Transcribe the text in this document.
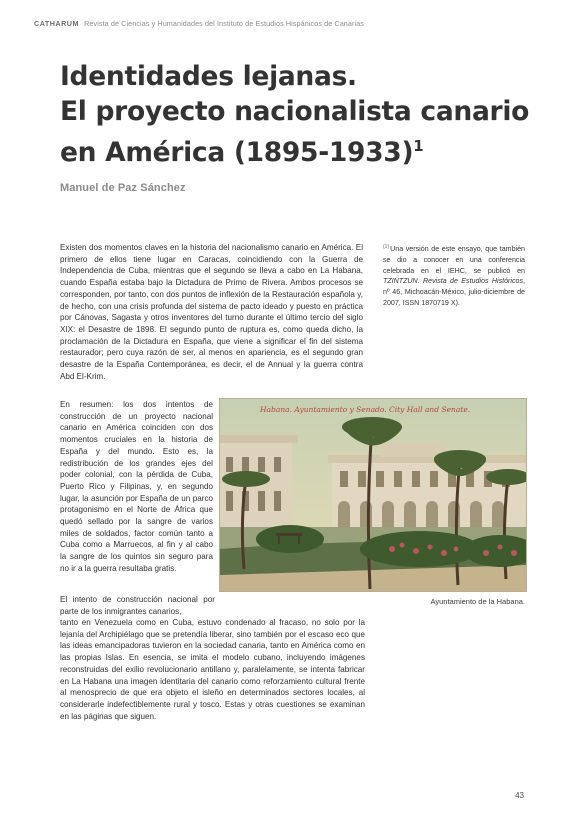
CATHARUM Revista de Ciencias y Humanidades del Instituto de Estudios Hispánicos de Canarias
Identidades lejanas.
El proyecto nacionalista canario
en América (1895-1933)$^1$
Manuel de Paz Sánchez

Existen dos momentos claves en la historia del nacionalismo canario en América. El primero de ellos tiene lugar en Caracas, coincidiendo con la Guerra de Independencia de Cuba, mientras que el segundo se lleva a cabo en La Habana, cuando España estaba bajo la Dictadura de Primo de Rivera. Ambos procesos se corresponden, por tanto, con dos puntos de inflexión de la Restauración española y, de hecho, con una crisis profunda del sistema de pacto ideado y puesto en práctica por Cánovas, Sagasta y otros inventores del turno durante el último tercio del siglo XIX: el Desastre de 1898. El segundo punto de ruptura es, como queda dicho, la proclamación de la Dictadura en España, que viene a significar el fin del sistema restaurador; pero cuya razón de ser, al menos en apariencia, es el segundo gran desastre de la España Contemporánea, es decir, el de Annual y la guerra contra Abd El-Krim.

$^{(1)}$Una versión de este ensayo, que también se dio a conocer en una conferencia celebrada en el IEHC, se publicó en TZINTZUN. Revista de Estudios Históricos, nº 46, Michoacán-México, julio-diciembre de 2007, ISSN 1870719 X).

En resumen: los dos intentos de construcción de un proyecto nacional canario en América coinciden con dos momentos cruciales en la historia de España y del mundo. Esto es, la redistribución de los grandes ejes del poder colonial, con la pérdida de Cuba, Puerto Rico y Filipinas, y, en segundo lugar, la asunción por España de un parco protagonismo en el Norte de África que quedó sellado por la sangre de varios miles de soldados, factor común tanto a Cuba como a Marruecos, al fin y al cabo la sangre de los quintos sin seguro para no ir a la guerra resultaba gratis.

Habana. Ayuntamiento y Senado. City Hall and Senate.
Ayuntamiento de la Habana.

El intento de construcción nacional por parte de los inmigrantes canarios,

tanto en Venezuela como en Cuba, estuvo condenado al fracaso, no solo por la lejanía del Archipiélago que se pretendía liberar, sino también por el escaso eco que las ideas emancipadoras tuvieron en la sociedad canaria, tanto en América como en las propias Islas. En esencia, se imita el modelo cubano, incluyendo imágenes reconstruidas del exilio revolucionario antillano y, paralelamente, se intenta fabricar en La Habana una imagen identitaria del canario como reforzamiento cultural frente al menosprecio de que era objeto el isleño en determinados sectores locales, al considerarle indefectiblemente rural y tosco. Estas y otras cuestiones se examinan en las páginas que siguen.

43
